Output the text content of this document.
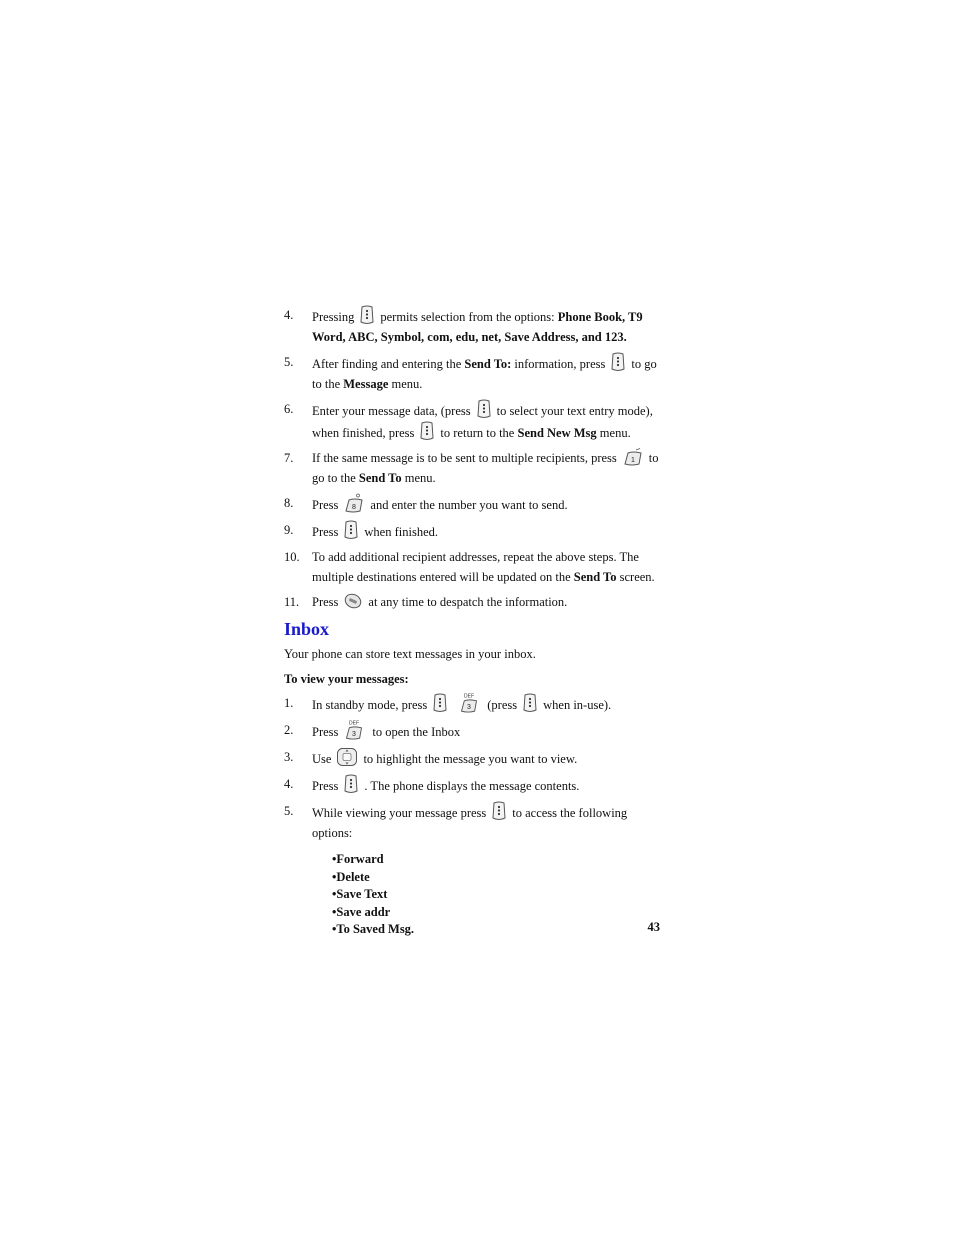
4. Pressing permits selection from the options: Phone Book, T9 Word, ABC, Symbol, com, edu, net, Save Address, and 123.
5. After finding and entering the Send To: information, press to go to the Message menu.
6. Enter your message data, (press to select your text entry mode), when finished, press to return to the Send New Msg menu.
7. If the same message is to be sent to multiple recipients, press 1 to go to the Send To menu.
8. Press 8 and enter the number you want to send.
9. Press when finished.
10. To add additional recipient addresses, repeat the above steps. The multiple destinations entered will be updated on the Send To screen.
11. Press at any time to despatch the information.
Inbox
Your phone can store text messages in your inbox.
To view your messages:
1. In standby mode, press
DEF
3 (press when in-use).
2. Press
DEF
3 to open the Inbox
3. Use	to highlight the message you want to view.
4. Press . The phone displays the message contents.
5. While viewing your message press to access the following options:
•Forward
•Delete
•Save Text
•Save addr
•To Saved Msg.	43
